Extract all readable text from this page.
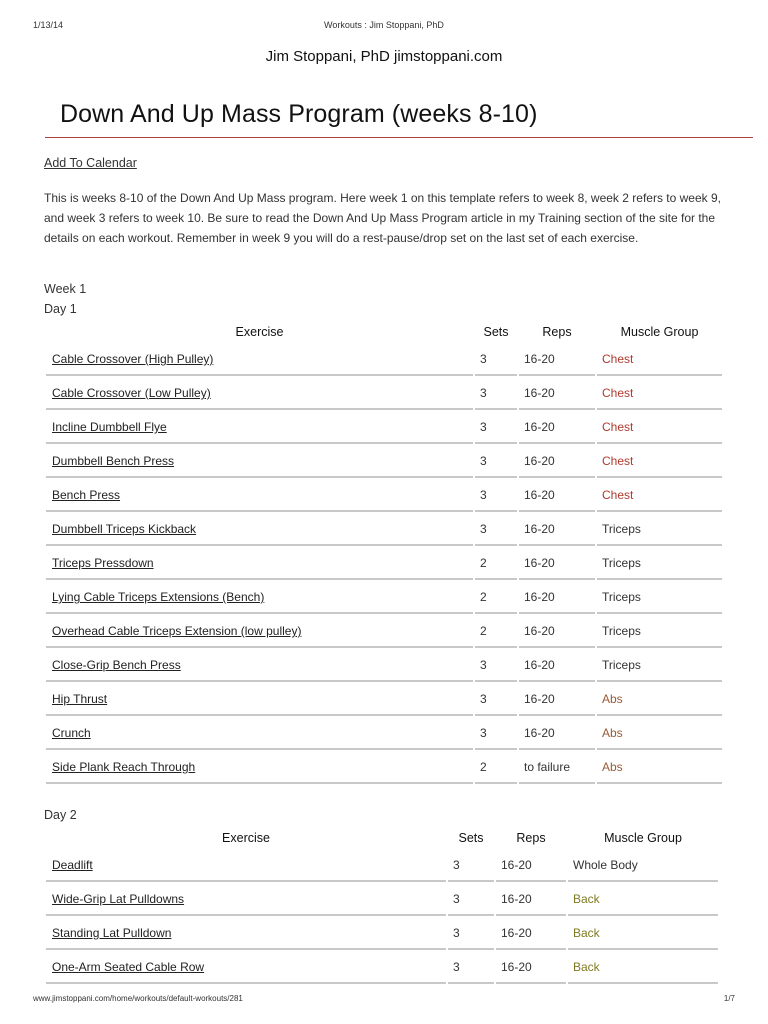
1/13/14	Workouts : Jim Stoppani, PhD
Jim Stoppani, PhD jimstoppani.com
Down And Up Mass Program (weeks 8-10)
Add To Calendar

This is weeks 8-10 of the Down And Up Mass program. Here week 1 on this template refers to week 8, week 2 refers to week 9, and week 3 refers to week 10. Be sure to read the Down And Up Mass Program article in my Training section of the site for the details on each workout. Remember in week 9 you will do a rest-pause/drop set on the last set of each exercise.

Week 1
Day 1
Exercise	Sets	Reps	Muscle Group
Cable Crossover (High Pulley)	3	16-20	Chest
Cable Crossover (Low Pulley)	3	16-20	Chest
Incline Dumbbell Flye	3	16-20	Chest
Dumbbell Bench Press	3	16-20	Chest
Bench Press	3	16-20	Chest
Dumbbell Triceps Kickback	3	16-20	Triceps
Triceps Pressdown	2	16-20	Triceps
Lying Cable Triceps Extensions (Bench)	2	16-20	Triceps
Overhead Cable Triceps Extension (low pulley)	2	16-20	Triceps
Close-Grip Bench Press	3	16-20	Triceps
Hip Thrust	3	16-20	Abs
Crunch	3	16-20	Abs
Side Plank Reach Through	2	to failure	Abs
Day 2
Exercise	Sets	Reps	Muscle Group
Deadlift	3	16-20	Whole Body
Wide-Grip Lat Pulldowns	3	16-20	Back
Standing Lat Pulldown	3	16-20	Back
One-Arm Seated Cable Row	3	16-20	Back
www.jimstoppani.com/home/workouts/default-workouts/281	1/7
